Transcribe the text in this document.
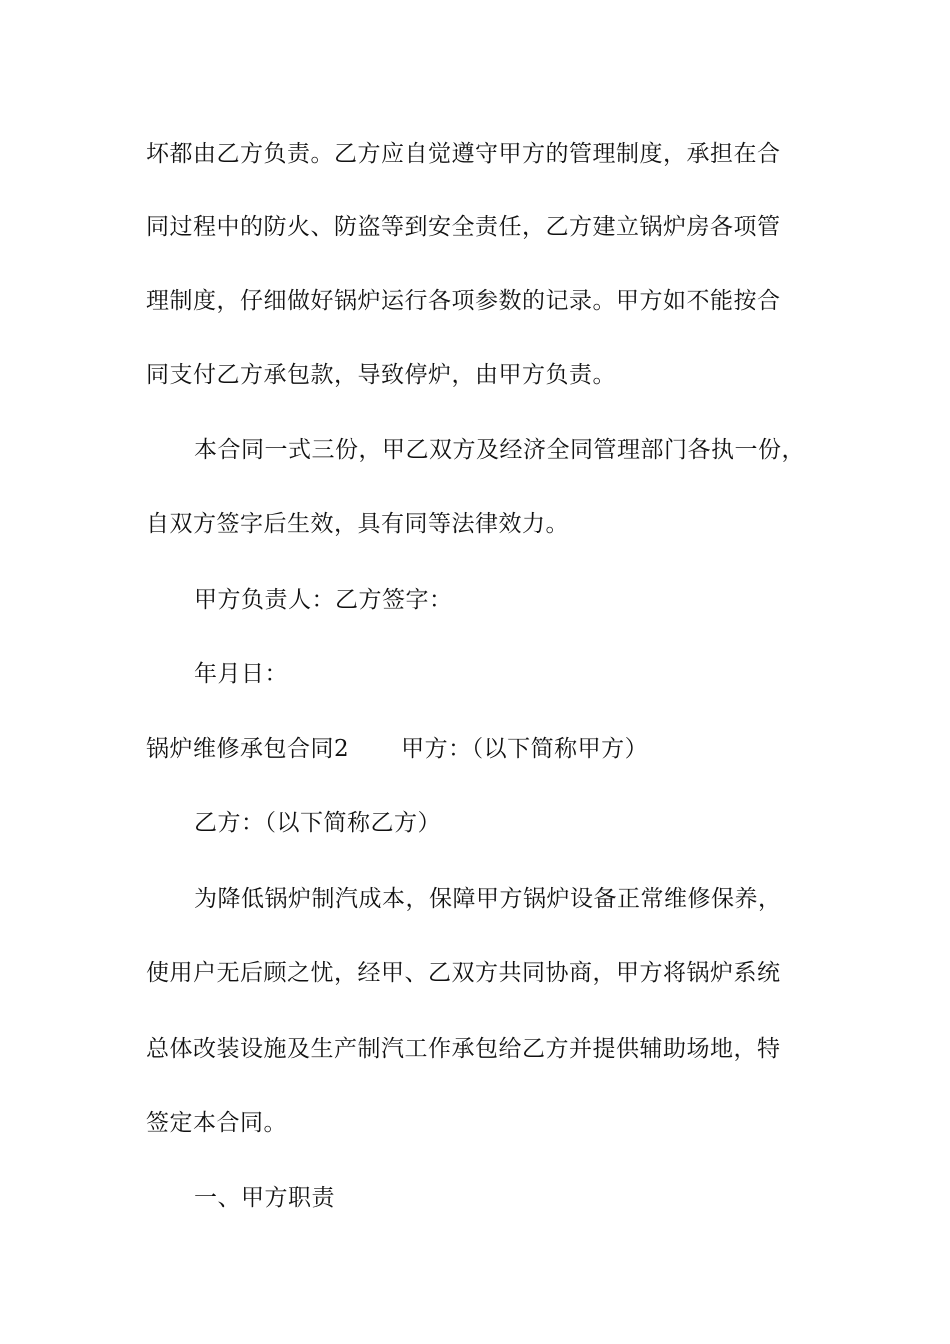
坏都由乙方负责。乙方应自觉遵守甲方的管理制度，承担在合
同过程中的防火、防盗等到安全责任，乙方建立锅炉房各项管
理制度，仔细做好锅炉运行各项参数的记录。甲方如不能按合
同支付乙方承包款，导致停炉，由甲方负责。
本合同一式三份，甲乙双方及经济全同管理部门各执一份，
自双方签字后生效，具有同等法律效力。
甲方负责人：乙方签字：
年月日：
锅炉维修承包合同2 甲方：（以下简称甲方）
乙方：（以下简称乙方）
为降低锅炉制汽成本，保障甲方锅炉设备正常维修保养，
使用户无后顾之忧，经甲、乙双方共同协商，甲方将锅炉系统
总体改装设施及生产制汽工作承包给乙方并提供辅助场地，特
签定本合同。
一、甲方职责
